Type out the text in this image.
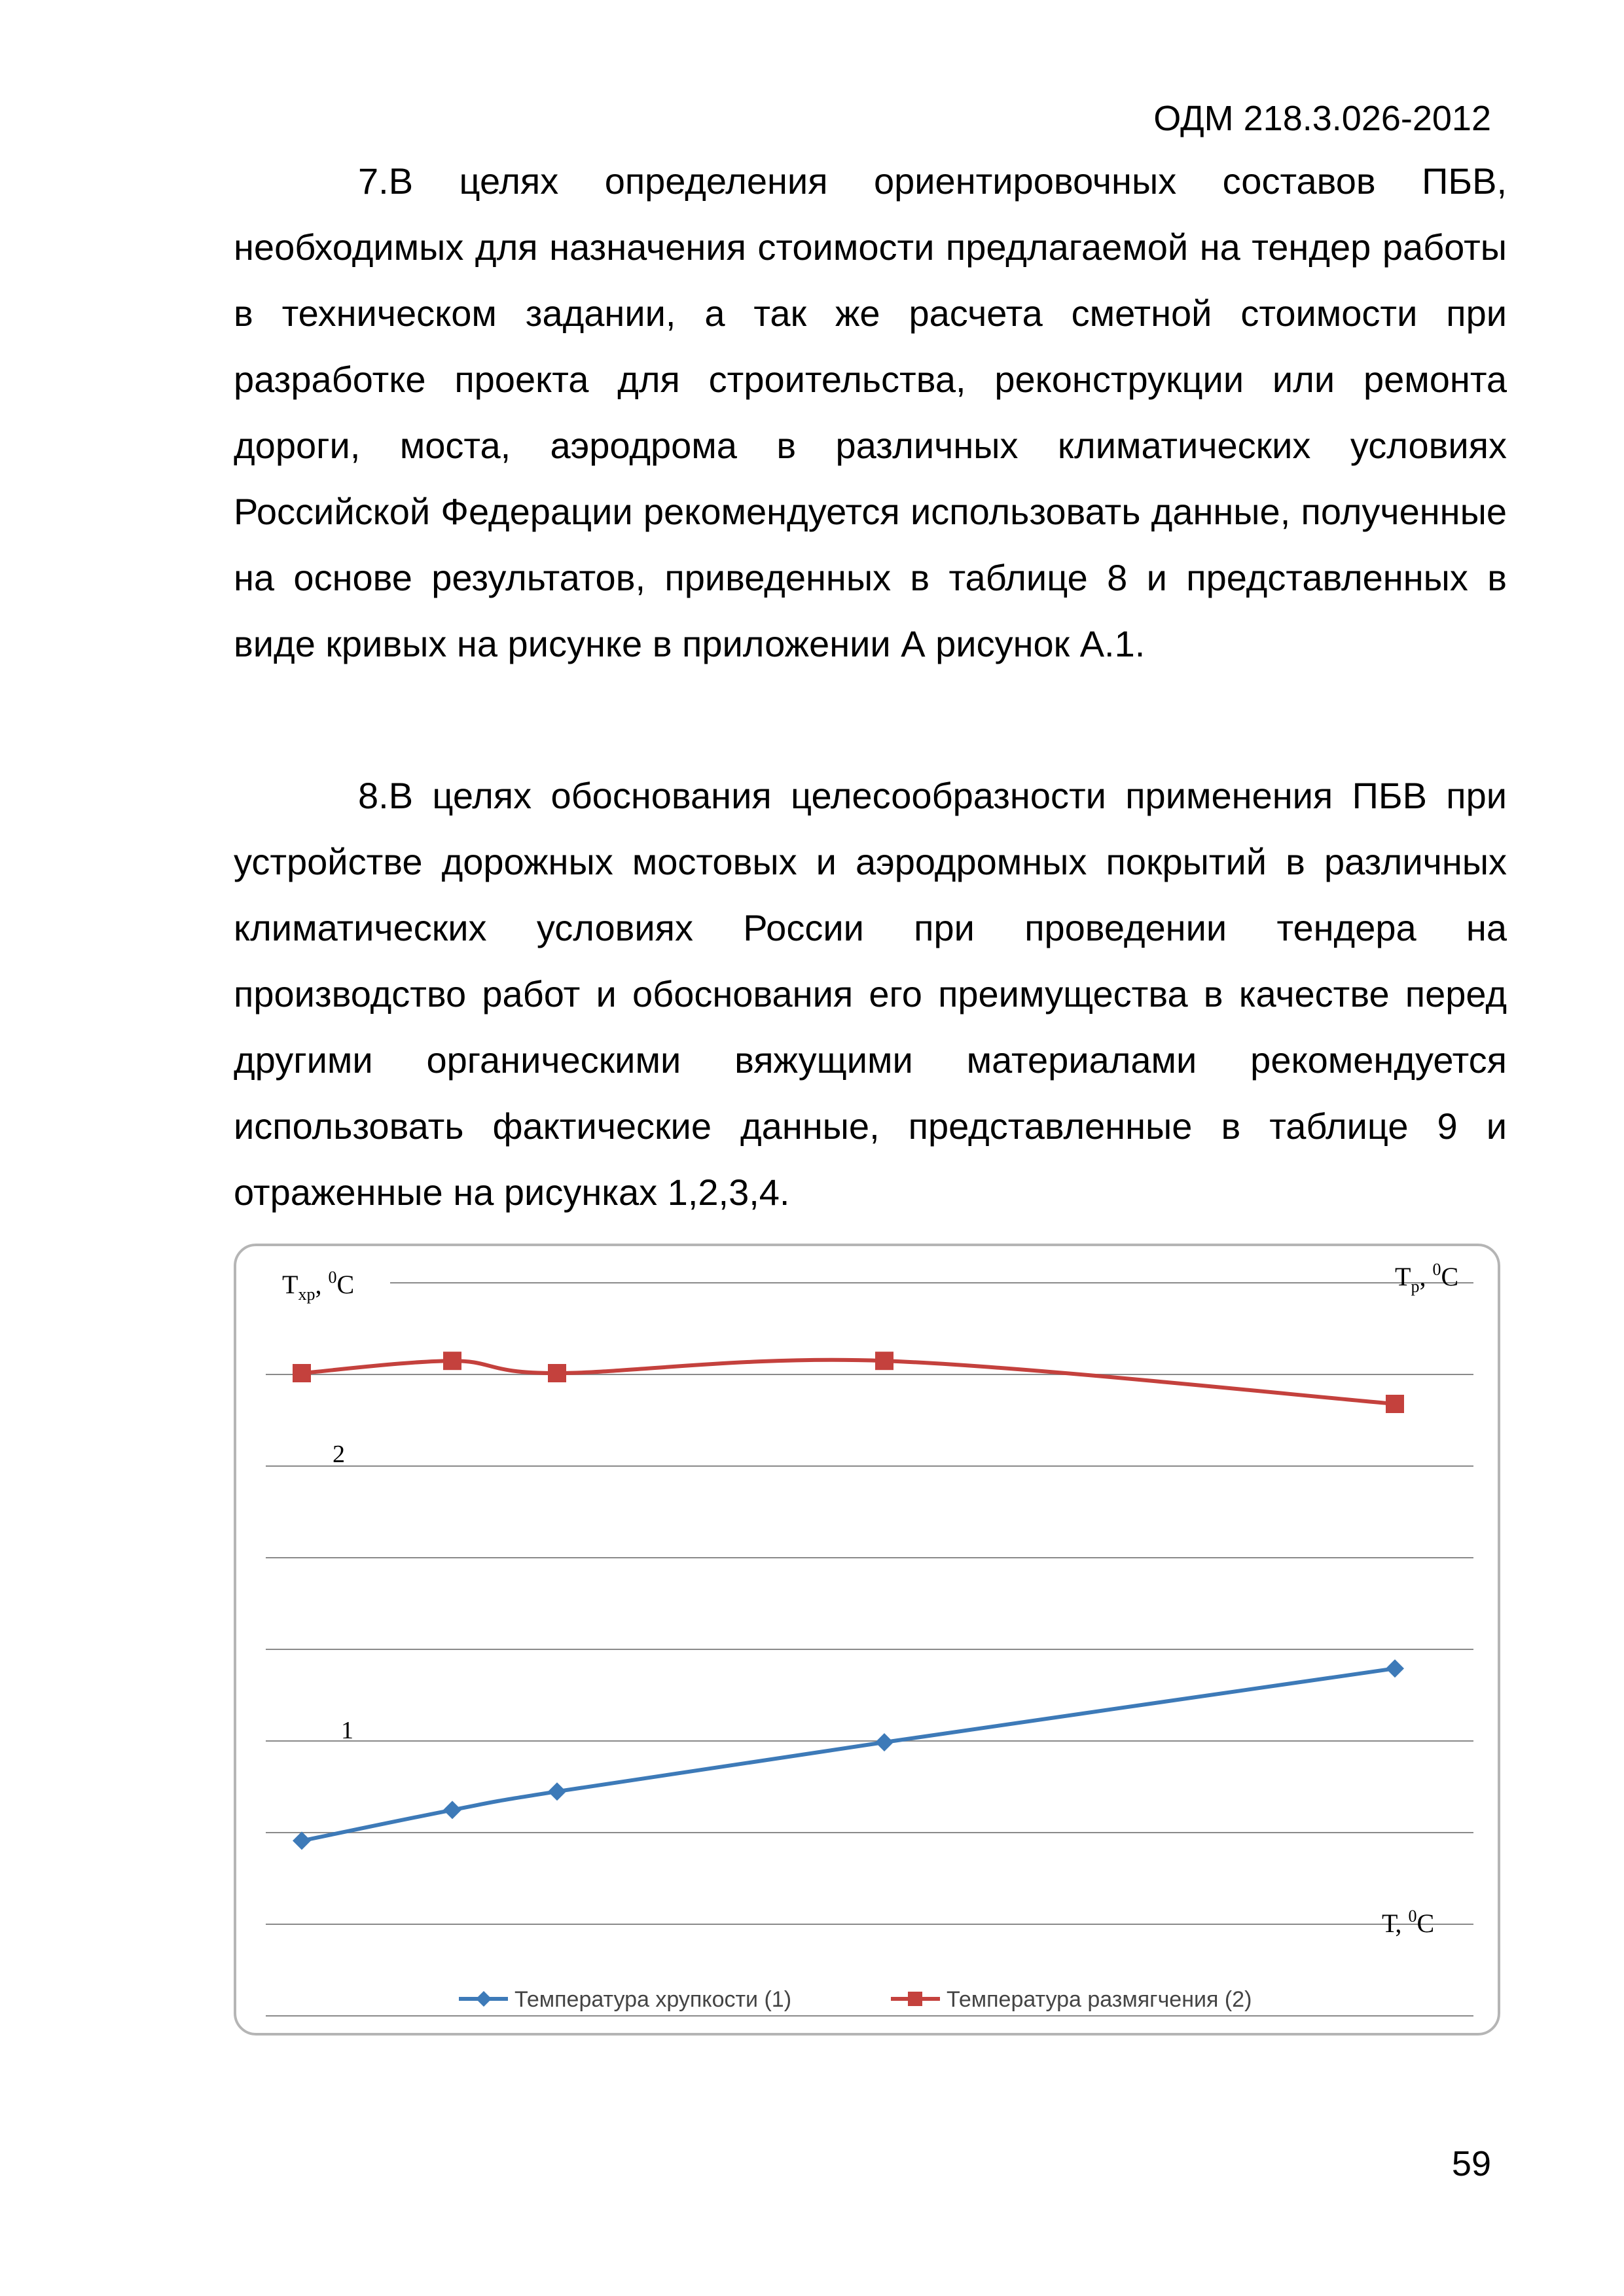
ОДМ 218.3.026-2012

7.В целях определения ориентировочных составов ПБВ, необходимых для назначения стоимости предлагаемой на тендер работы в техническом задании, а так же расчета сметной стоимости при разработке проекта для строительства, реконструкции или ремонта дороги, моста, аэродрома в различных климатических условиях Российской Федерации рекомендуется использовать данные, полученные на основе результатов, приведенных в таблице 8 и представленных в виде кривых на рисунке в приложении А рисунок А.1.

8.В целях обоснования целесообразности применения ПБВ при устройстве дорожных мостовых и аэродромных покрытий в различных климатических условиях России при проведении тендера на производство работ и обоснования его преимущества в качестве перед другими органическими вяжущими материалами рекомендуется использовать фактические данные, представленные в таблице 9 и отраженные на рисунках 1,2,3,4.

$Т_{хр}$, $^0$С	$Т_р$, $^0$С
Т, $^0$С
2
1
Температура хрупкости (1)	Температура размягчения (2)
59
